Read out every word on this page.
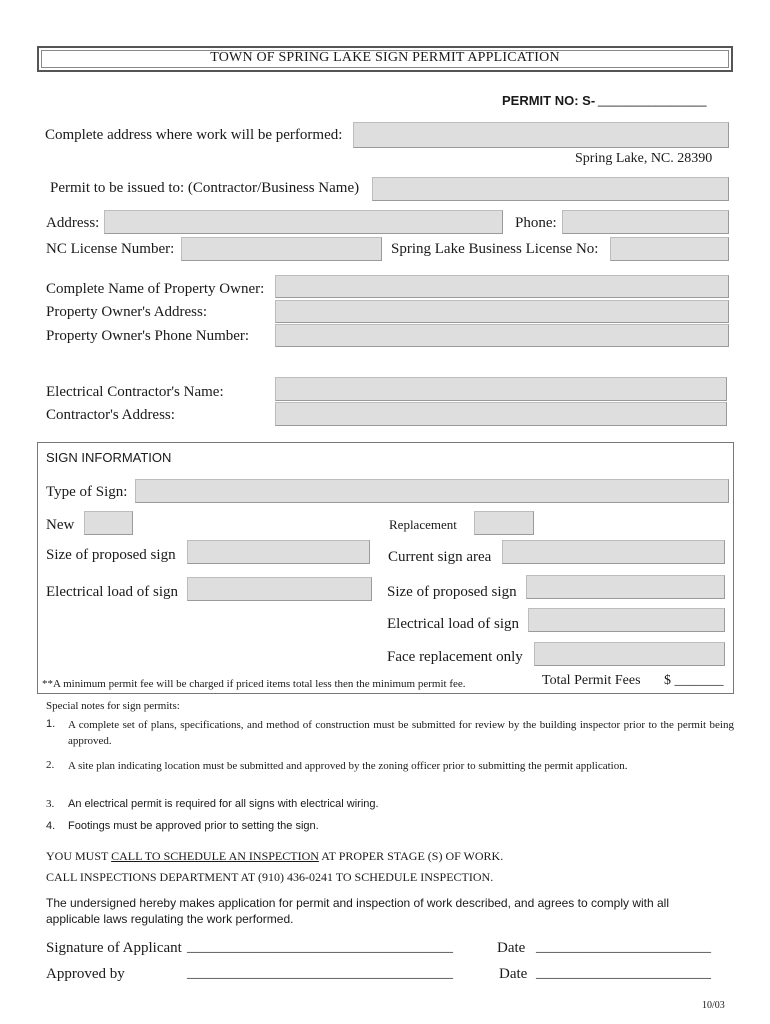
TOWN OF SPRING LAKE SIGN PERMIT APPLICATION
PERMIT NO: S- _______________
Complete address where work will be performed:
Spring Lake, NC. 28390
Permit to be issued to: (Contractor/Business Name)
Address:	Phone:
NC License Number:	Spring Lake Business License No:
Complete Name of Property Owner:
Property Owner's Address:
Property Owner's Phone Number:
Electrical Contractor's Name:
Contractor's Address:
SIGN INFORMATION
Type of Sign:
New	Replacement
Size of proposed sign	Current sign area
Electrical load of sign	Size of proposed sign
Electrical load of sign
Face replacement only
**A minimum permit fee will be charged if priced items total less then the minimum permit fee.	Total Permit Fees $ _______
Special notes for sign permits:
1. A complete set of plans, specifications, and method of construction must be submitted for review by the building inspector prior to the permit being approved.
2. A site plan indicating location must be submitted and approved by the zoning officer prior to submitting the permit application.
3. An electrical permit is required for all signs with electrical wiring.
4. Footings must be approved prior to setting the sign.
YOU MUST CALL TO SCHEDULE AN INSPECTION AT PROPER STAGE (S) OF WORK.
CALL INSPECTIONS DEPARTMENT AT (910) 436-0241 TO SCHEDULE INSPECTION.
The undersigned hereby makes application for permit and inspection of work described, and agrees to comply with all applicable laws regulating the work performed.
Signature of Applicant ______________________________________	Date _________________________
Approved by	______________________________________	Date _________________________
10/03
